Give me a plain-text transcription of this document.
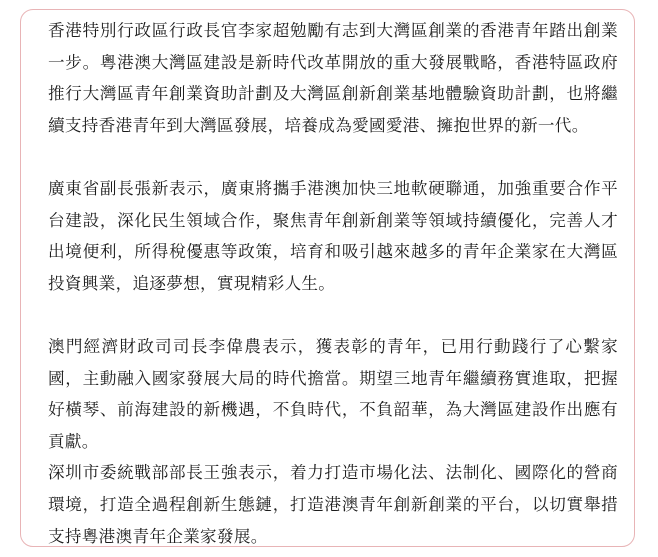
香港特別行政區行政長官李家超勉勵有志到大灣區創業的香港青年踏出創業一步。粵港澳大灣區建設是新時代改革開放的重大發展戰略，香港特區政府推行大灣區青年創業資助計劃及大灣區創新創業基地體驗資助計劃，也將繼續支持香港青年到大灣區發展，培養成為愛國愛港、擁抱世界的新一代。

廣東省副長張新表示，廣東將攜手港澳加快三地軟硬聯通，加強重要合作平台建設，深化民生領域合作，聚焦青年創新創業等領域持續優化，完善人才出境便利，所得稅優惠等政策，培育和吸引越來越多的青年企業家在大灣區投資興業，追逐夢想，實現精彩人生。

澳門經濟財政司司長李偉農表示，獲表彰的青年，已用行動踐行了心繫家國，主動融入國家發展大局的時代擔當。期望三地青年繼續務實進取，把握好橫琴、前海建設的新機遇，不負時代，不負韶華，為大灣區建設作出應有貢獻。

深圳市委統戰部部長王強表示，着力打造市場化法、法制化、國際化的營商環境，打造全過程創新生態鏈，打造港澳青年創新創業的平台，以切實舉措支持粵港澳青年企業家發展。
